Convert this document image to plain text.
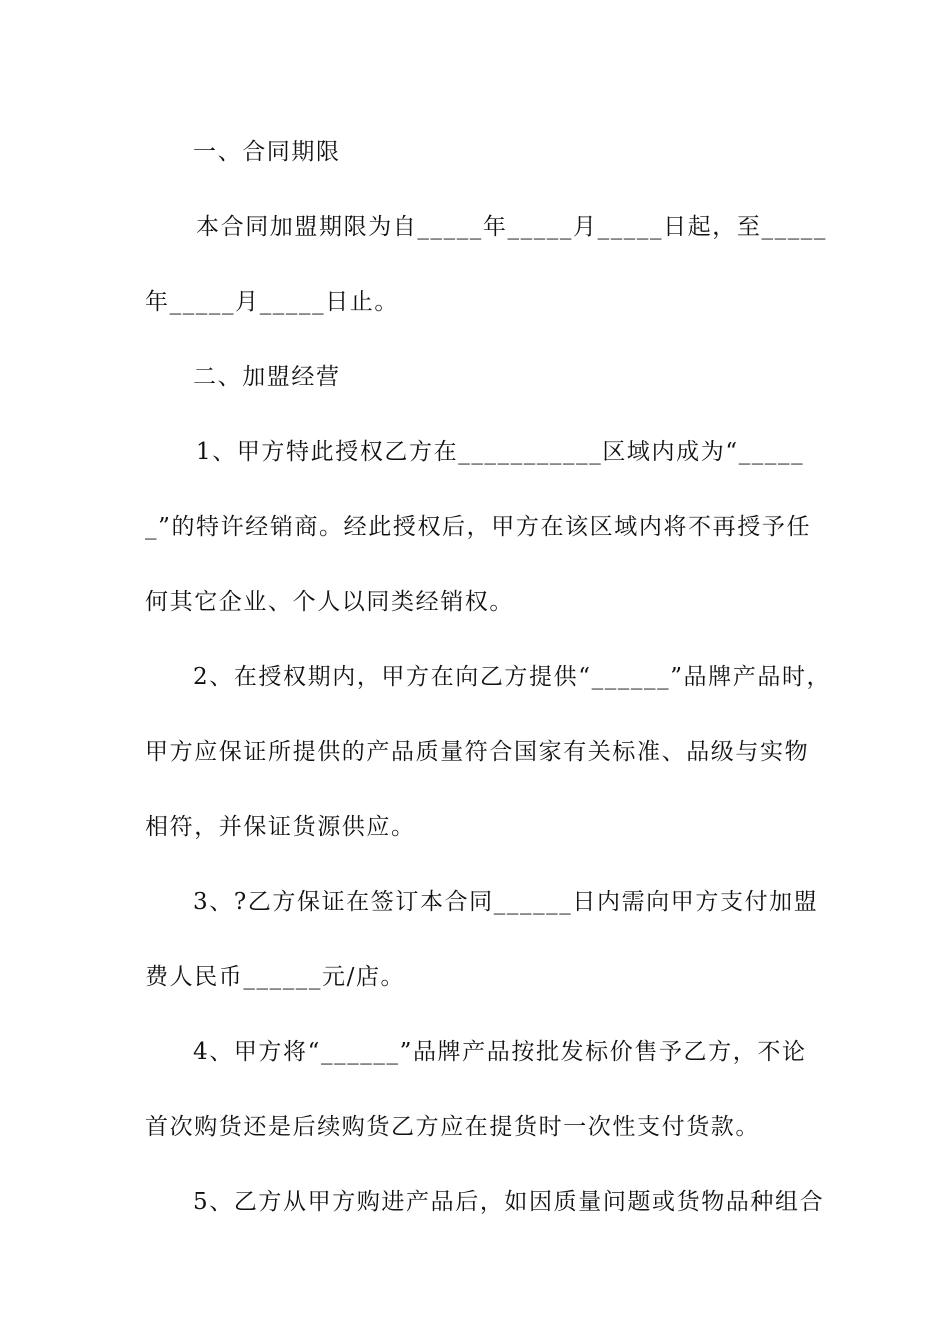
一、合同期限
本合同加盟期限为自_____年_____月_____日起，至_____
年_____月_____日止。
二、加盟经营
1、甲方特此授权乙方在___________区域内成为“_____
_”的特许经销商。经此授权后，甲方在该区域内将不再授予任
何其它企业、个人以同类经销权。
2、在授权期内，甲方在向乙方提供“______”品牌产品时，
甲方应保证所提供的产品质量符合国家有关标准、品级与实物
相符，并保证货源供应。
3、?乙方保证在签订本合同______日内需向甲方支付加盟
费人民币______元/店。
4、甲方将“______”品牌产品按批发标价售予乙方，不论
首次购货还是后续购货乙方应在提货时一次性支付货款。
5、乙方从甲方购进产品后，如因质量问题或货物品种组合
